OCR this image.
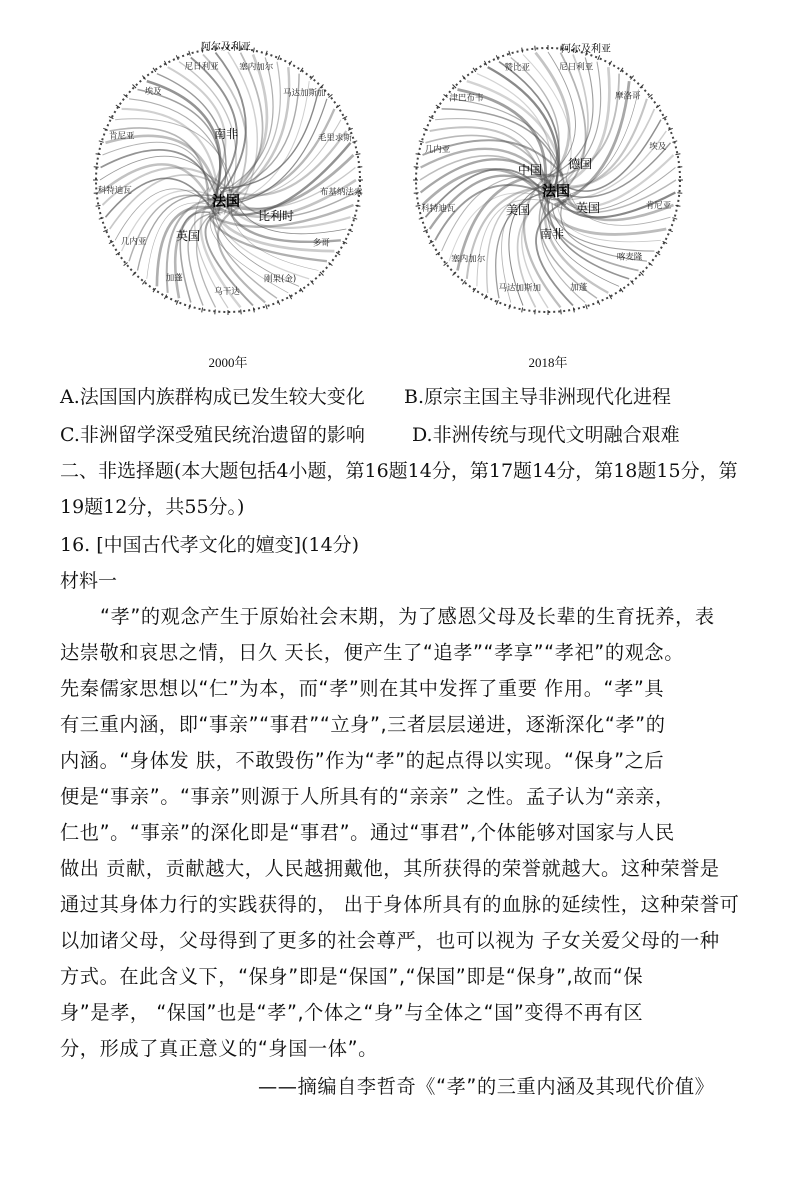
南非
法国
比利时
英国
阿尔及利亚
塞内加尔
马达加斯加
毛里求斯
布基纳法索
多哥
刚果(金)
乌干达
加蓬
几内亚
科特迪瓦
肯尼亚
埃及
尼日利亚
2000年
中国 德国
法国
美国	英国
南非
阿尔及利亚
尼日利亚
摩洛哥
埃及
肯尼亚
喀麦隆
加蓬
马达加斯加
塞内加尔
科特迪瓦
几内亚
津巴布韦
赞比亚
2018年
A.法国国内族群构成已发生较大变化 B.原宗主国主导非洲现代化进程
C.非洲留学深受殖民统治遗留的影响 D.非洲传统与现代文明融合艰难
二、非选择题(本大题包括4小题，第16题14分，第17题14分，第18题15分，第
19题12分，共55分。)
16. [中国古代孝文化的嬗变](14分)
材料一
“孝”的观念产生于原始社会末期，为了感恩父母及长辈的生育抚养，表
达崇敬和哀思之情，日久 天长，便产生了“追孝”“孝享”“孝祀”的观念。
先秦儒家思想以“仁”为本，而“孝”则在其中发挥了重要 作用。“孝”具
有三重内涵，即“事亲”“事君”“立身”,三者层层递进，逐渐深化“孝”的
内涵。“身体发 肤，不敢毁伤”作为“孝”的起点得以实现。“保身”之后
便是“事亲”。“事亲”则源于人所具有的“亲亲” 之性。孟子认为“亲亲，
仁也”。“事亲”的深化即是“事君”。通过“事君”,个体能够对国家与人民
做出 贡献，贡献越大，人民越拥戴他，其所获得的荣誉就越大。这种荣誉是
通过其身体力行的实践获得的， 出于身体所具有的血脉的延续性，这种荣誉可
以加诸父母，父母得到了更多的社会尊严，也可以视为 子女关爱父母的一种
方式。在此含义下，“保身”即是“保国”,“保国”即是“保身”,故而“保
身”是孝， “保国”也是“孝”,个体之“身”与全体之“国”变得不再有区
分，形成了真正意义的“身国一体”。
——摘编自李哲奇《“孝”的三重内涵及其现代价值》
